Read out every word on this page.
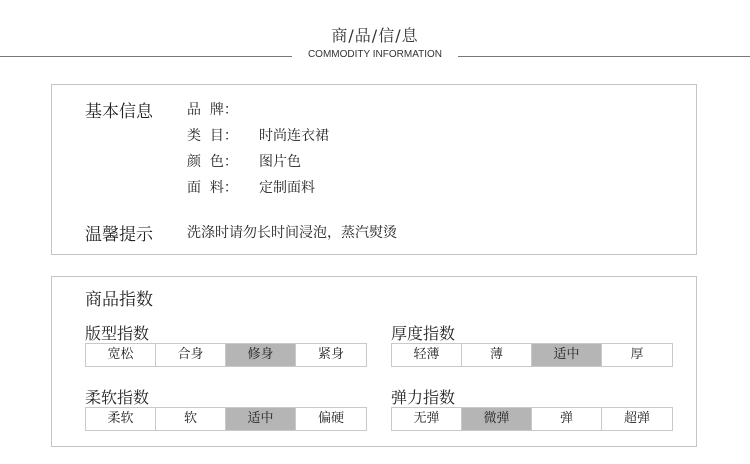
商/品/信/息
COMMODITY INFORMATION
基本信息 品  牌：
类  目： 时尚连衣裙
颜  色： 图片色
面  料： 定制面料
温馨提示 洗涤时请勿长时间浸泡，蒸汽熨烫
商品指数
版型指数
宽松	合身	修身	紧身
厚度指数
轻薄	薄	适中	厚
柔软指数
柔软	软	适中	偏硬
弹力指数
无弹	微弹	弹	超弹
